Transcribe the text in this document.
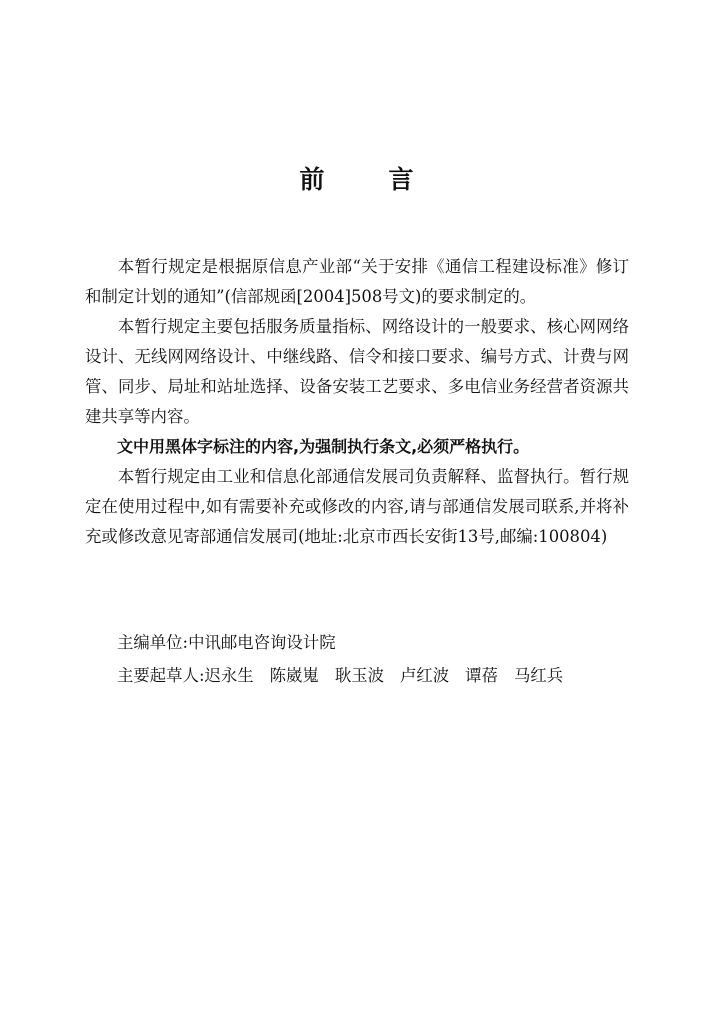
前	言

本暂行规定是根据原信息产业部“关于安排《通信工程建设标准》修订和制定计划的通知”(信部规函[2004]508号文)的要求制定的。

本暂行规定主要包括服务质量指标、网络设计的一般要求、核心网网络设计、无线网网络设计、中继线路、信令和接口要求、编号方式、计费与网管、同步、局址和站址选择、设备安装工艺要求、多电信业务经营者资源共建共享等内容。

文中用黑体字标注的内容,为强制执行条文,必须严格执行。

本暂行规定由工业和信息化部通信发展司负责解释、监督执行。暂行规定在使用过程中,如有需要补充或修改的内容,请与部通信发展司联系,并将补充或修改意见寄部通信发展司(地址:北京市西长安街13号,邮编:100804)

主编单位:中讯邮电咨询设计院
主要起草人:迟永生 陈崴嵬 耿玉波 卢红波 谭蓓 马红兵
